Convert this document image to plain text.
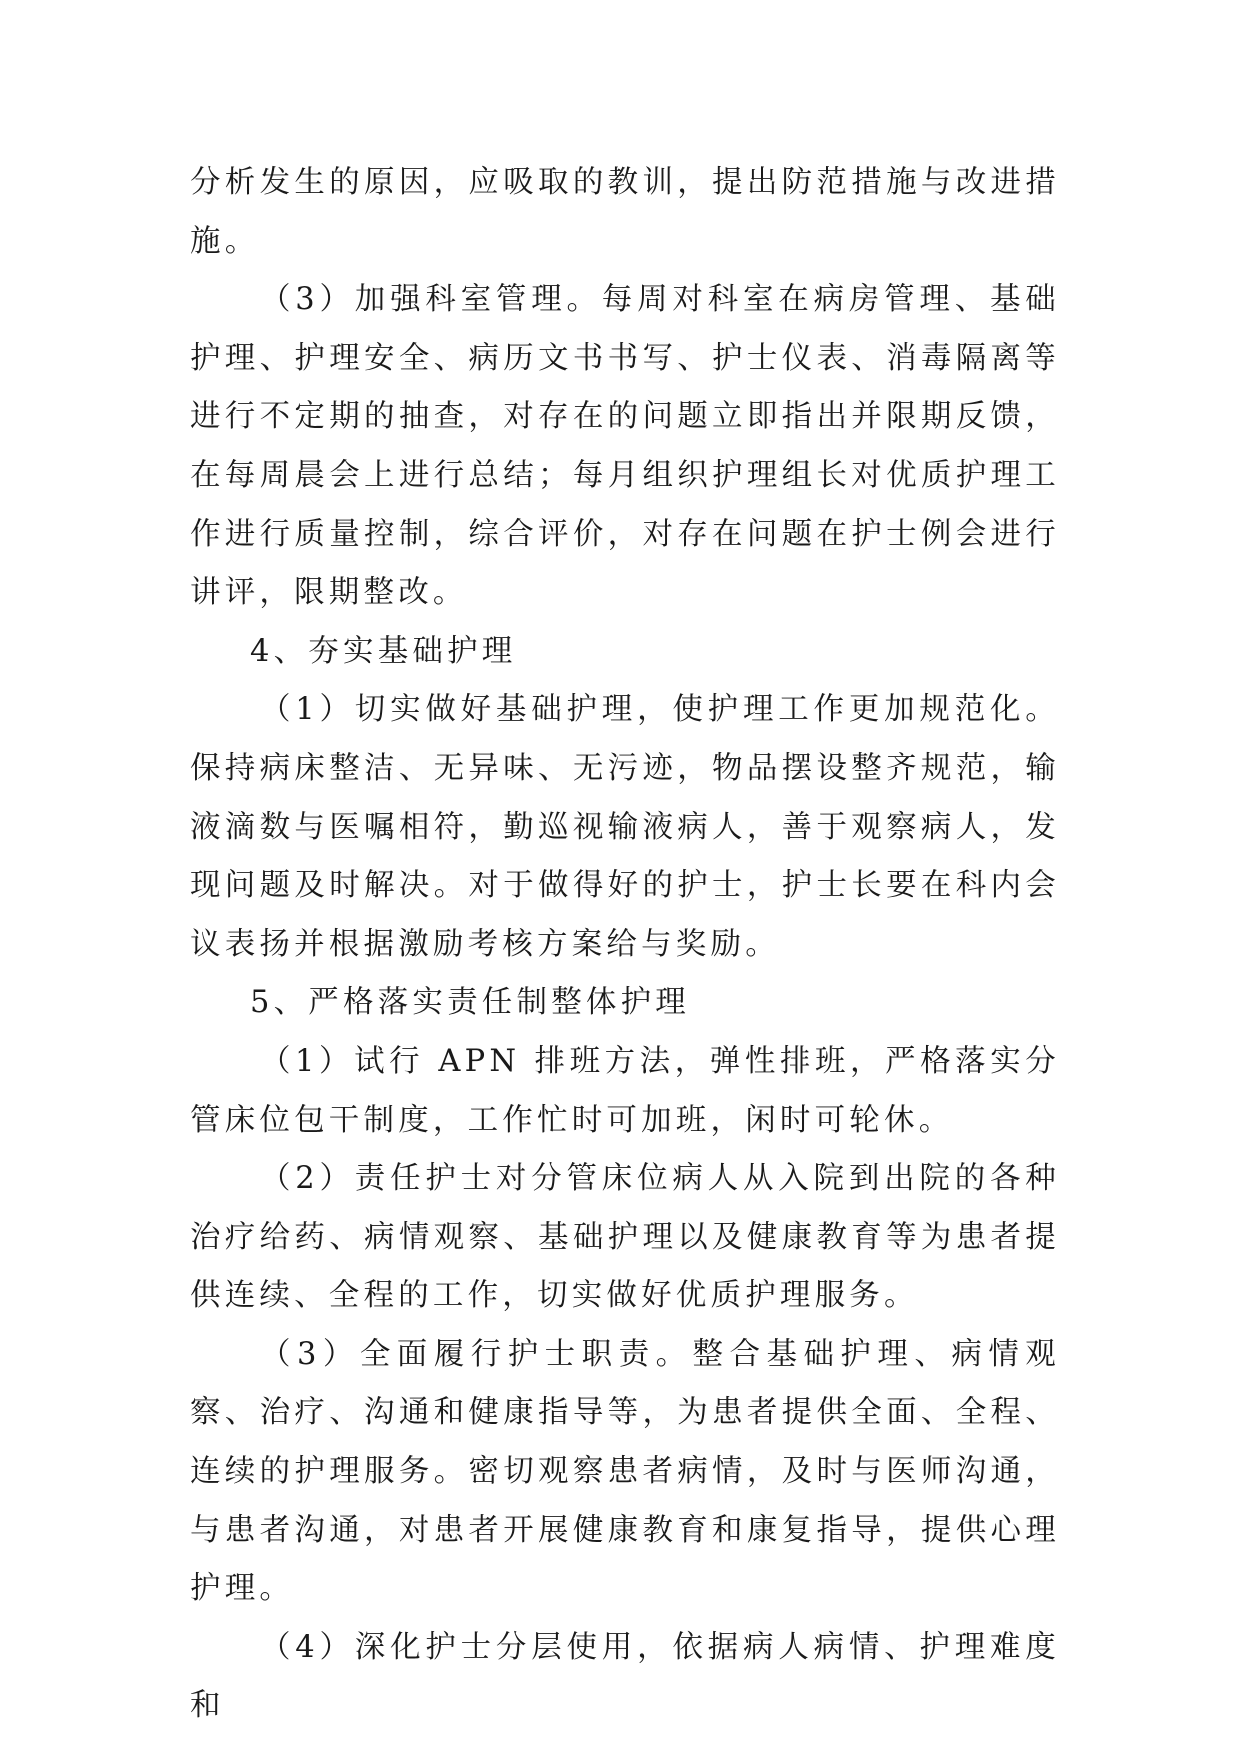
分析发生的原因，应吸取的教训，提出防范措施与改进措施。

（3）加强科室管理。每周对科室在病房管理、基础护理、护理安全、病历文书书写、护士仪表、消毒隔离等进行不定期的抽查，对存在的问题立即指出并限期反馈，在每周晨会上进行总结；每月组织护理组长对优质护理工作进行质量控制，综合评价，对存在问题在护士例会进行讲评，限期整改。

4、夯实基础护理

（1）切实做好基础护理，使护理工作更加规范化。保持病床整洁、无异味、无污迹，物品摆设整齐规范，输液滴数与医嘱相符，勤巡视输液病人，善于观察病人，发现问题及时解决。对于做得好的护士，护士长要在科内会议表扬并根据激励考核方案给与奖励。

5、严格落实责任制整体护理

（1）试行 APN 排班方法，弹性排班，严格落实分管床位包干制度，工作忙时可加班，闲时可轮休。

（2）责任护士对分管床位病人从入院到出院的各种治疗给药、病情观察、基础护理以及健康教育等为患者提供连续、全程的工作，切实做好优质护理服务。

（3）全面履行护士职责。整合基础护理、病情观察、治疗、沟通和健康指导等，为患者提供全面、全程、连续的护理服务。密切观察患者病情，及时与医师沟通，与患者沟通，对患者开展健康教育和康复指导，提供心理护理。

（4）深化护士分层使用，依据病人病情、护理难度和
